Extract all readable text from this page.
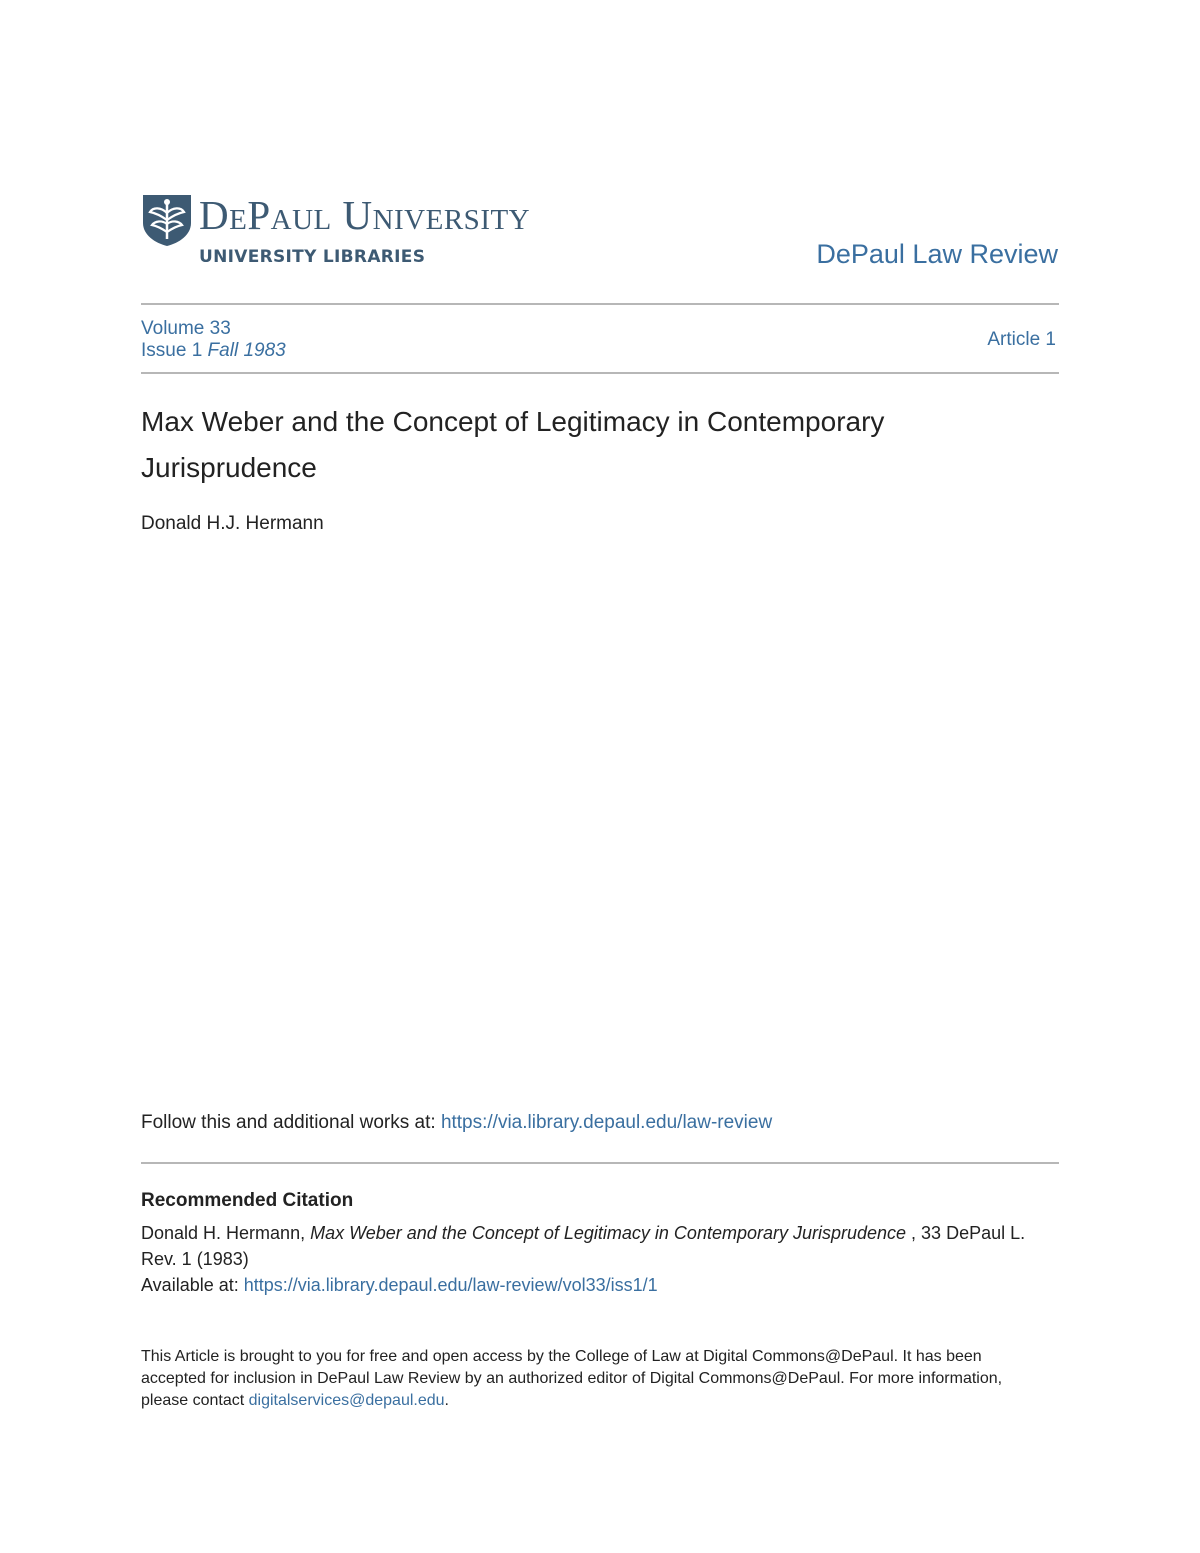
DePaul University
UNIVERSITY LIBRARIES	DePaul Law Review
Volume 33
Issue 1 Fall 1983
Article 1
Max Weber and the Concept of Legitimacy in Contemporary Jurisprudence
Donald H.J. Hermann
Follow this and additional works at: https://via.library.depaul.edu/law-review
Recommended Citation
Donald H. Hermann, Max Weber and the Concept of Legitimacy in Contemporary Jurisprudence , 33 DePaul L. Rev. 1 (1983)
Available at: https://via.library.depaul.edu/law-review/vol33/iss1/1
This Article is brought to you for free and open access by the College of Law at Digital Commons@DePaul. It has been accepted for inclusion in DePaul Law Review by an authorized editor of Digital Commons@DePaul. For more information, please contact digitalservices@depaul.edu.
